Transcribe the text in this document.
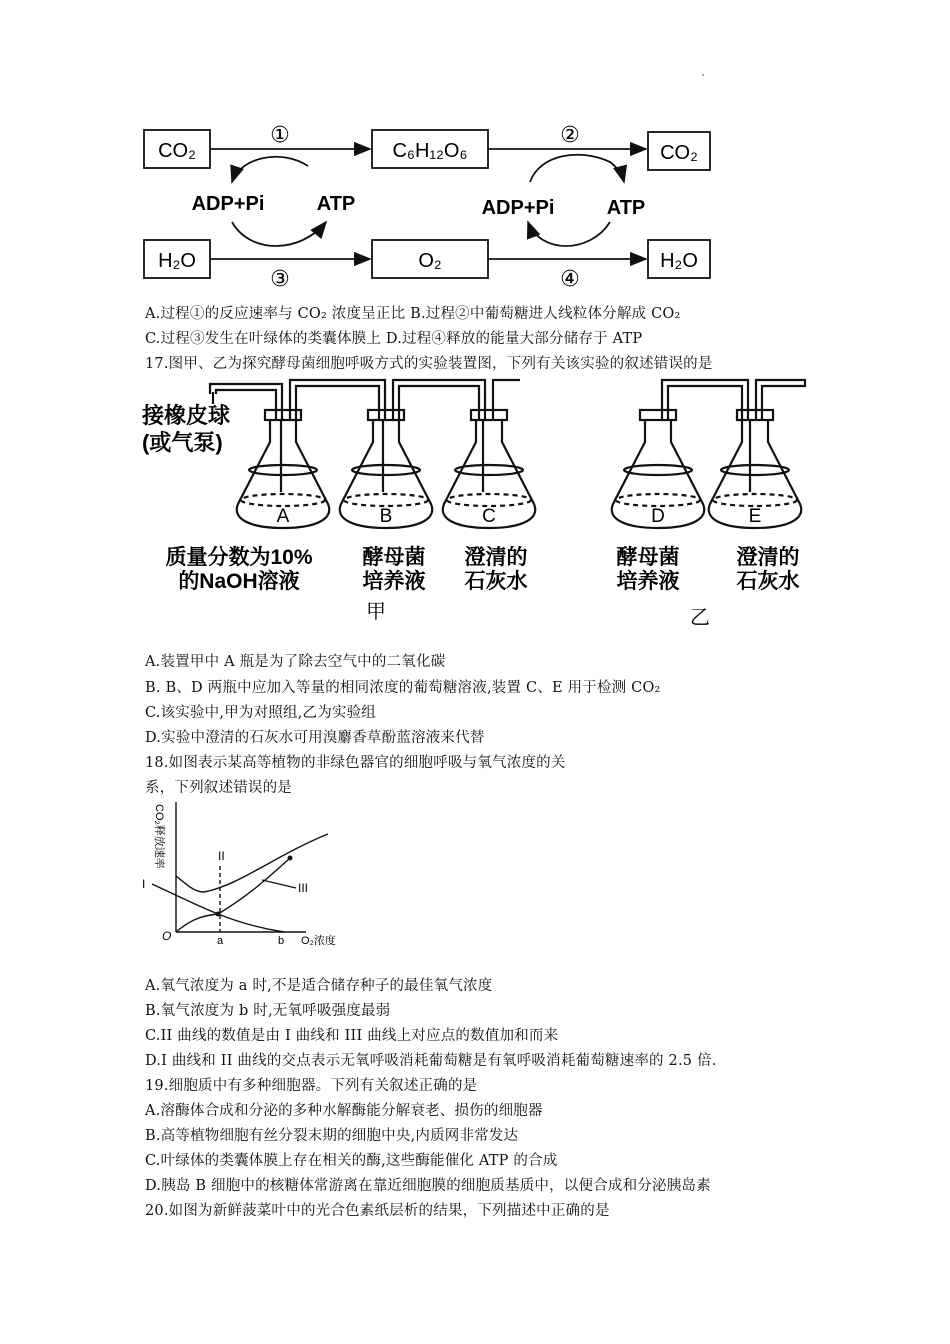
CO₂	C₆H₁₂O₆	CO₂
H₂O	O₂	H₂O
①	②
③	④
ADP+Pi	ATP	ADP+Pi	ATP
A.过程①的反应速率与 CO₂ 浓度呈正比 B.过程②中葡萄糖进人线粒体分解成 CO₂
C.过程③发生在叶绿体的类囊体膜上 D.过程④释放的能量大部分储存于 ATP
17.图甲、乙为探究酵母菌细胞呼吸方式的实验装置图，下列有关该实验的叙述错误的是
接橡皮球
(或气泵)
A	B	C	D	E
质量分数为10%
的NaOH溶液
酵母菌
培养液
澄清的
石灰水
酵母菌
培养液
澄清的
石灰水
甲	乙
A.装置甲中 A 瓶是为了除去空气中的二氧化碳
B. B、D 两瓶中应加入等量的相同浓度的葡萄糖溶液,装置 C、E 用于检测 CO₂
C.该实验中,甲为对照组,乙为实验组
D.实验中澄清的石灰水可用溴麝香草酚蓝溶液来代替
18.如图表示某高等植物的非绿色器官的细胞呼吸与氧气浓度的关
系，下列叙述错误的是
CO₂释放速率
O₂浓度
O	a	b
I
II
III
A.氧气浓度为 a 时,不是适合储存种子的最佳氧气浓度
B.氧气浓度为 b 时,无氧呼吸强度最弱
C.II 曲线的数值是由 I 曲线和 III 曲线上对应点的数值加和而来
D.I 曲线和 II 曲线的交点表示无氧呼吸消耗葡萄糖是有氧呼吸消耗葡萄糖速率的 2.5 倍.
19.细胞质中有多种细胞器。下列有关叙述正确的是
A.溶酶体合成和分泌的多种水解酶能分解衰老、损伤的细胞器
B.高等植物细胞有丝分裂末期的细胞中央,内质网非常发达
C.叶绿体的类囊体膜上存在相关的酶,这些酶能催化 ATP 的合成
D.胰岛 B 细胞中的核糖体常游离在靠近细胞膜的细胞质基质中，以便合成和分泌胰岛素
20.如图为新鲜菠菜叶中的光合色素纸层析的结果，下列描述中正确的是
